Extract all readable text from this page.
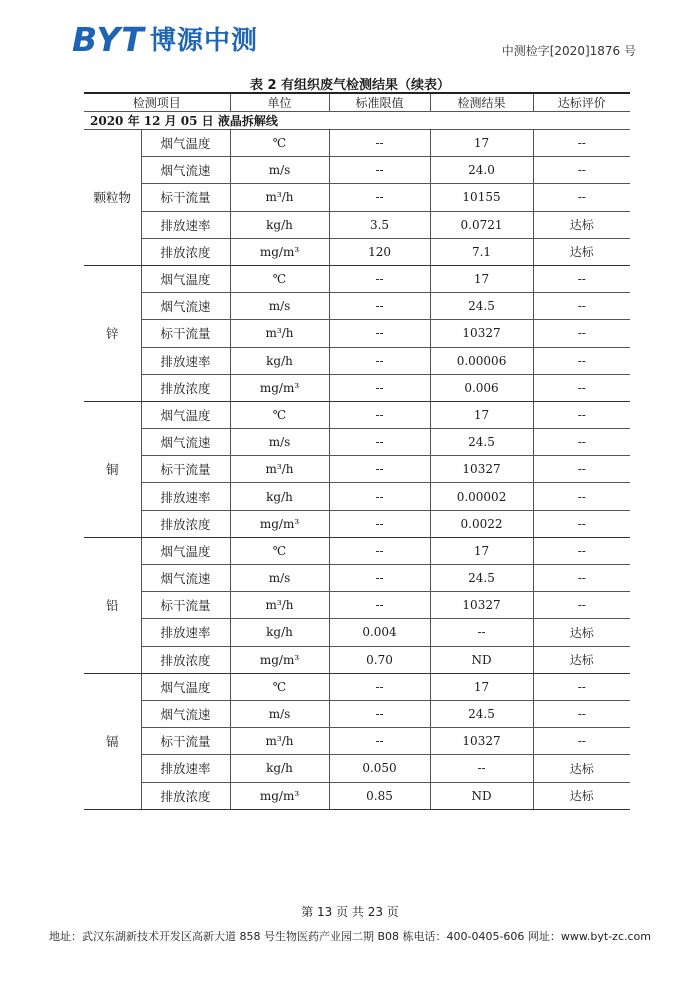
BYT 博源中测	中测检字[2020]1876 号
表 2 有组织废气检测结果（续表）
检测项目		单位	标准限值	检测结果	达标评价
2020 年 12 月 05 日 液晶拆解线					
颗粒物	烟气温度	℃	--	17	--
	烟气流速	m/s	--	24.0	--
	标干流量	m³/h	--	10155	--
	排放速率	kg/h	3.5	0.0721	达标
	排放浓度	mg/m³	120	7.1	达标
锌	烟气温度	℃	--	17	--
	烟气流速	m/s	--	24.5	--
	标干流量	m³/h	--	10327	--
	排放速率	kg/h	--	0.00006	--
	排放浓度	mg/m³	--	0.006	--
铜	烟气温度	℃	--	17	--
	烟气流速	m/s	--	24.5	--
	标干流量	m³/h	--	10327	--
	排放速率	kg/h	--	0.00002	--
	排放浓度	mg/m³	--	0.0022	--
铅	烟气温度	℃	--	17	--
	烟气流速	m/s	--	24.5	--
	标干流量	m³/h	--	10327	--
	排放速率	kg/h	0.004	--	达标
	排放浓度	mg/m³	0.70	ND	达标
镉	烟气温度	℃	--	17	--
	烟气流速	m/s	--	24.5	--
	标干流量	m³/h	--	10327	--
	排放速率	kg/h	0.050	--	达标
	排放浓度	mg/m³	0.85	ND	达标
第 13 页 共 23 页
地址：武汉东湖新技术开发区高新大道 858 号生物医药产业园二期 B08 栋电话：400-0405-606 网址：www.byt-zc.com
